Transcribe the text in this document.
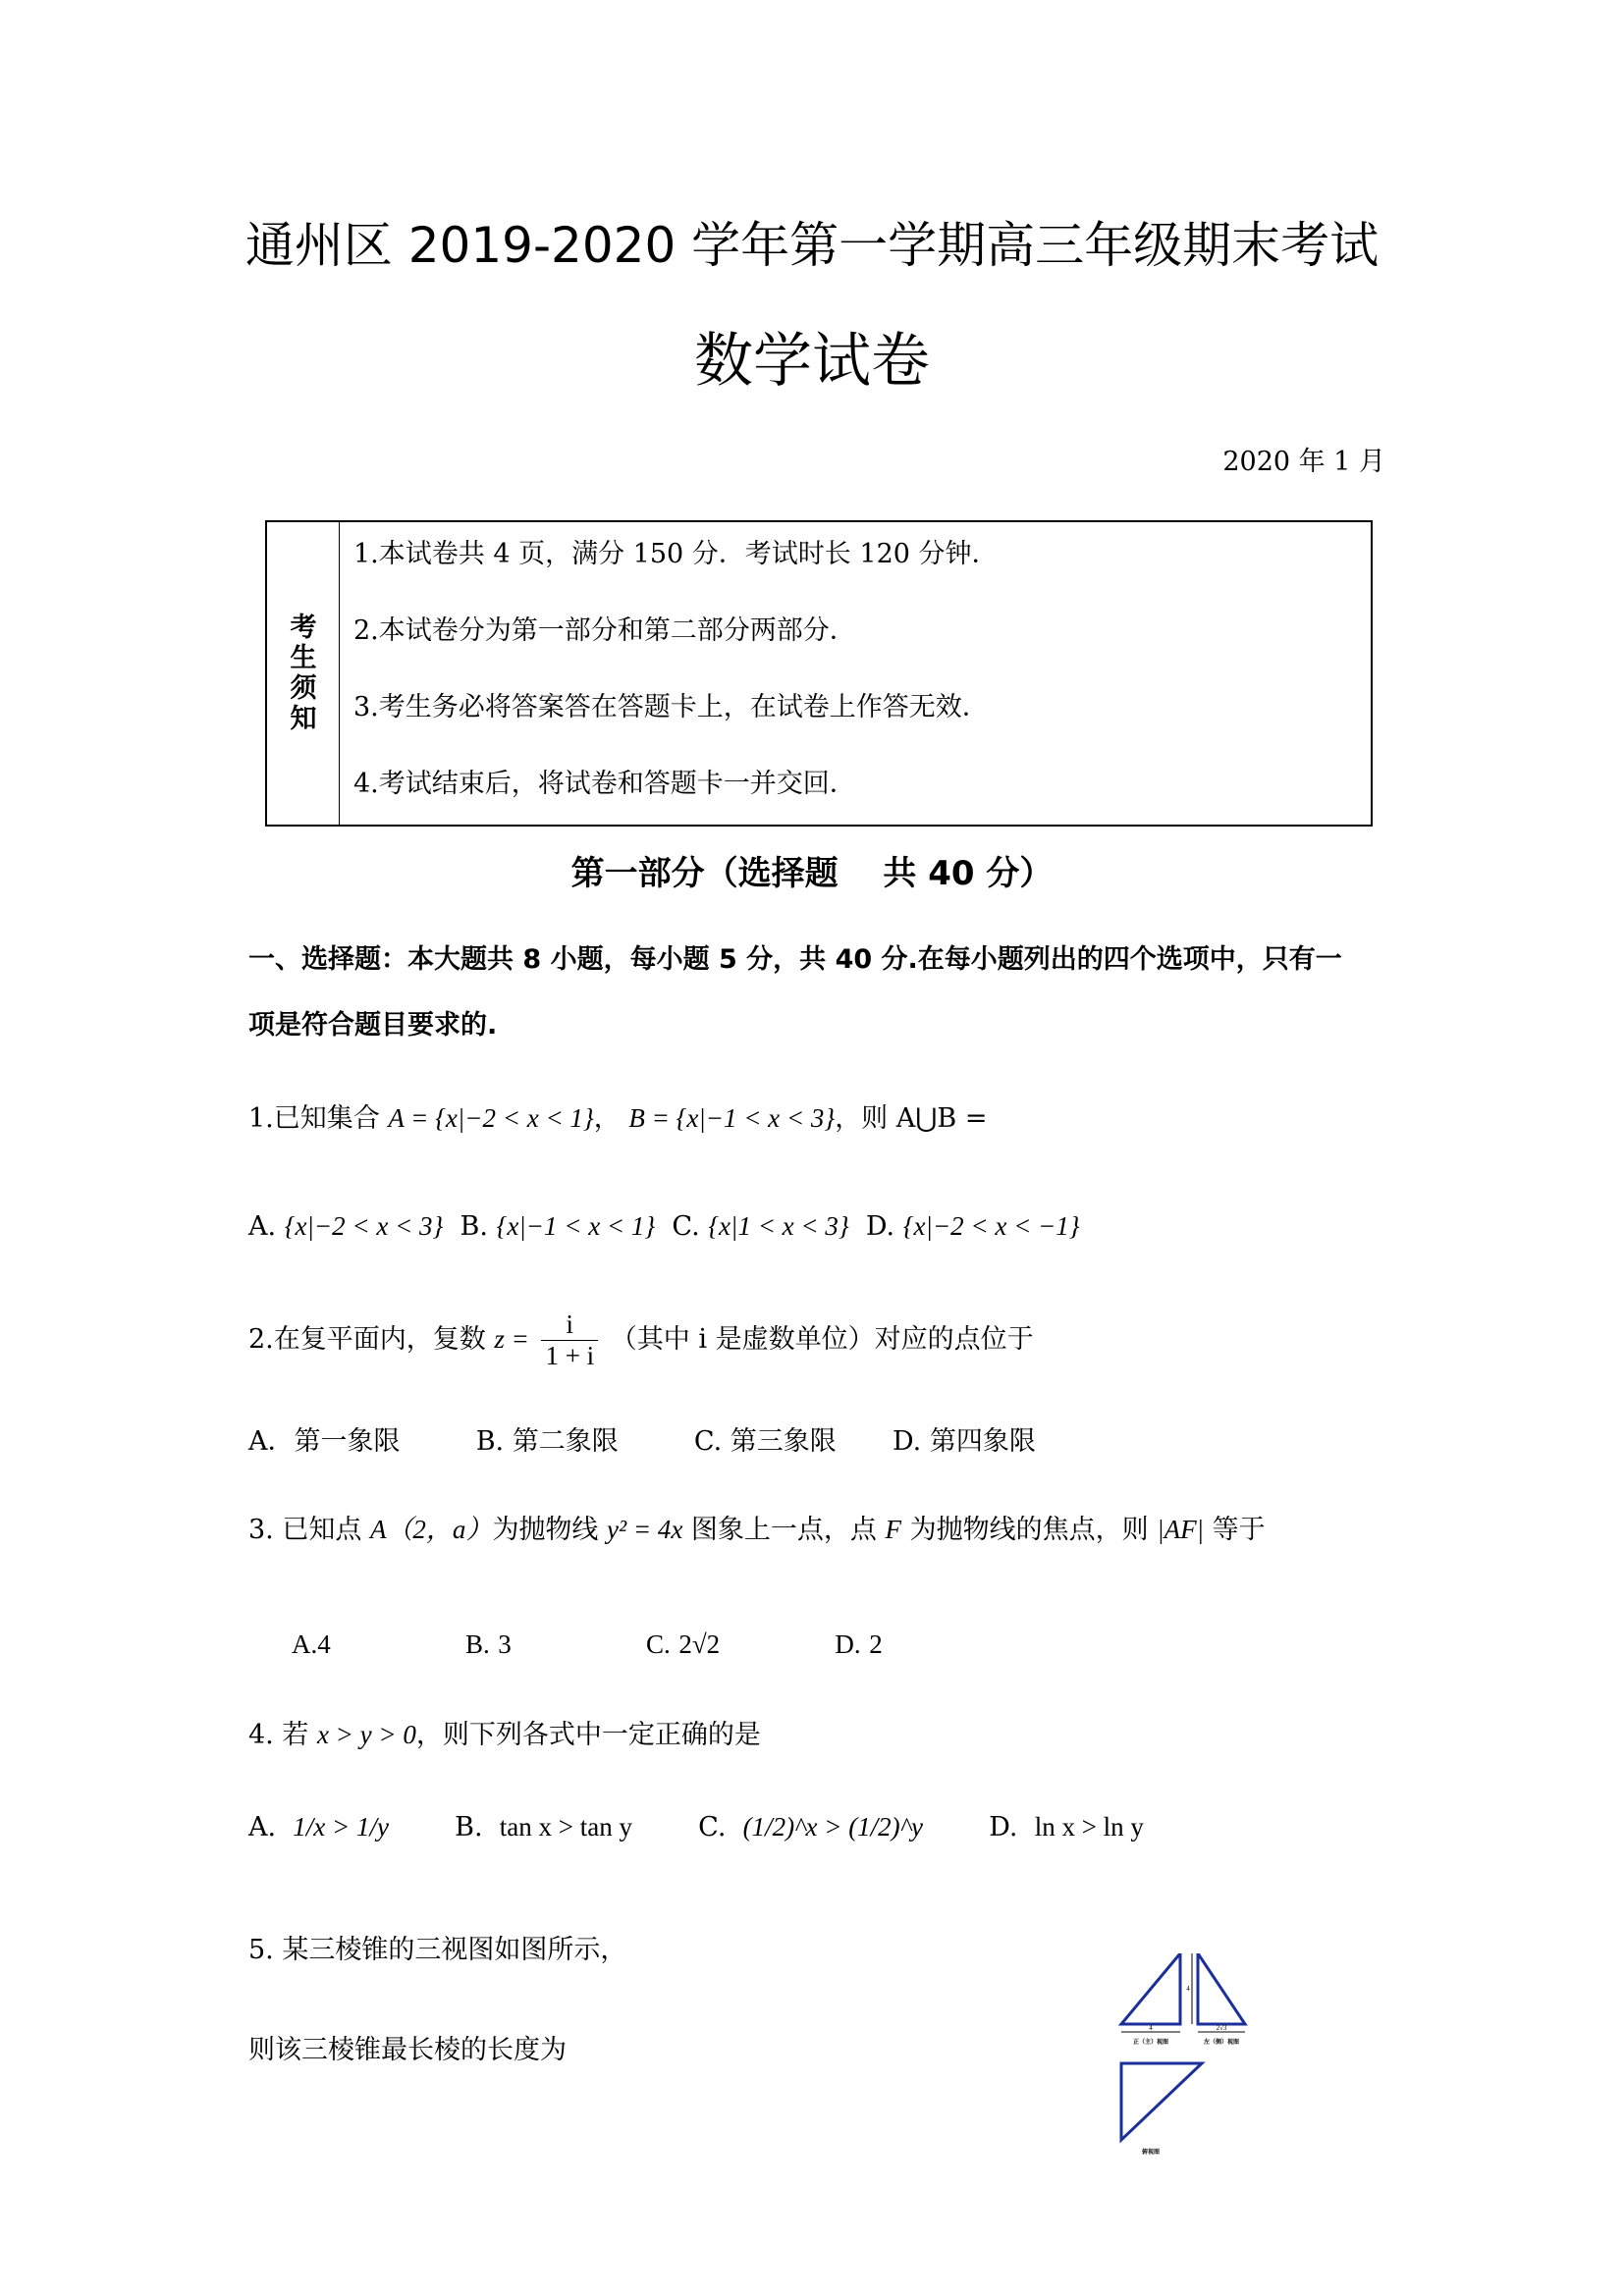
通州区 2019-2020 学年第一学期高三年级期末考试
数学试卷
2020 年 1 月
考生须知
1.本试卷共 4 页，满分 150 分．考试时长 120 分钟．
2.本试卷分为第一部分和第二部分两部分．
3.考生务必将答案答在答题卡上，在试卷上作答无效．
4.考试结束后，将试卷和答题卡一并交回．
第一部分（选择题　 共 40 分）
一、选择题：本大题共 8 小题，每小题 5 分，共 40 分.在每小题列出的四个选项中，只有一
项是符合题目要求的.
1.已知集合 A = {x|−2 < x < 1}， B = {x|−1 < x < 3}，则 A⋃B =
A. {x|−2 < x < 3} B. {x|−1 < x < 1} C. {x|1 < x < 3} D. {x|−2 < x < −1}
2.在复平面内，复数 $z = \frac{i}{1 + i}$ （其中 i 是虚数单位）对应的点位于
A．第一象限	B. 第二象限	C. 第三象限 D. 第四象限
3. 已知点 A（2，a）为抛物线 y² = 4x 图象上一点，点 F 为抛物线的焦点，则 |AF| 等于
A.4	B. 3	C. 2√2	D. 2
4. 若 x > y > 0，则下列各式中一定正确的是
A. 1/x > 1/y B. tan x > tan y C. (1/2)^x > (1/2)^y D. ln x > ln y
5. 某三棱锥的三视图如图所示，
则该三棱锥最长棱的长度为
4
正（主）视图
4
2√3
左（侧）视图
俯视图
